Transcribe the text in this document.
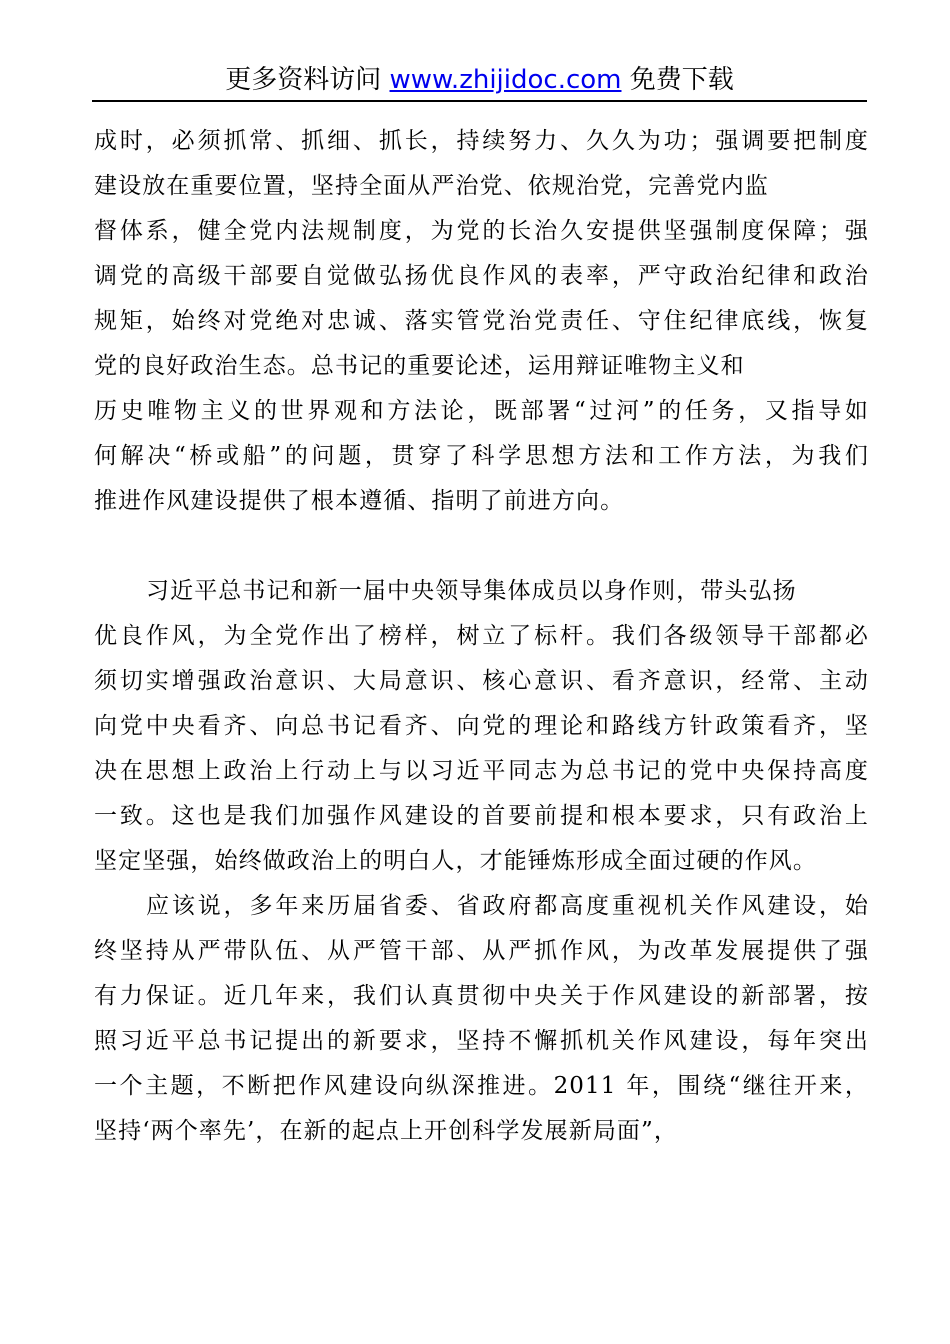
更多资料访问 www.zhijidoc.com 免费下载
成时，必须抓常、抓细、抓长，持续努力、久久为功；强调要把制度
建设放在重要位置，坚持全面从严治党、依规治党，完善党内监
督体系，健全党内法规制度，为党的长治久安提供坚强制度保障；强
调党的高级干部要自觉做弘扬优良作风的表率，严守政治纪律和政治
规矩，始终对党绝对忠诚、落实管党治党责任、守住纪律底线，恢复
党的良好政治生态。总书记的重要论述，运用辩证唯物主义和
历史唯物主义的世界观和方法论，既部署“过河”的任务，又指导如
何解决“桥或船”的问题，贯穿了科学思想方法和工作方法，为我们
推进作风建设提供了根本遵循、指明了前进方向。
习近平总书记和新一届中央领导集体成员以身作则，带头弘扬
优良作风，为全党作出了榜样，树立了标杆。我们各级领导干部都必
须切实增强政治意识、大局意识、核心意识、看齐意识，经常、主动
向党中央看齐、向总书记看齐、向党的理论和路线方针政策看齐，坚
决在思想上政治上行动上与以习近平同志为总书记的党中央保持高度
一致。这也是我们加强作风建设的首要前提和根本要求，只有政治上
坚定坚强，始终做政治上的明白人，才能锤炼形成全面过硬的作风。
应该说，多年来历届省委、省政府都高度重视机关作风建设，始
终坚持从严带队伍、从严管干部、从严抓作风，为改革发展提供了强
有力保证。近几年来，我们认真贯彻中央关于作风建设的新部署，按
照习近平总书记提出的新要求，坚持不懈抓机关作风建设，每年突出
一个主题，不断把作风建设向纵深推进。2011 年，围绕“继往开来，
坚持‘两个率先’，在新的起点上开创科学发展新局面”，
